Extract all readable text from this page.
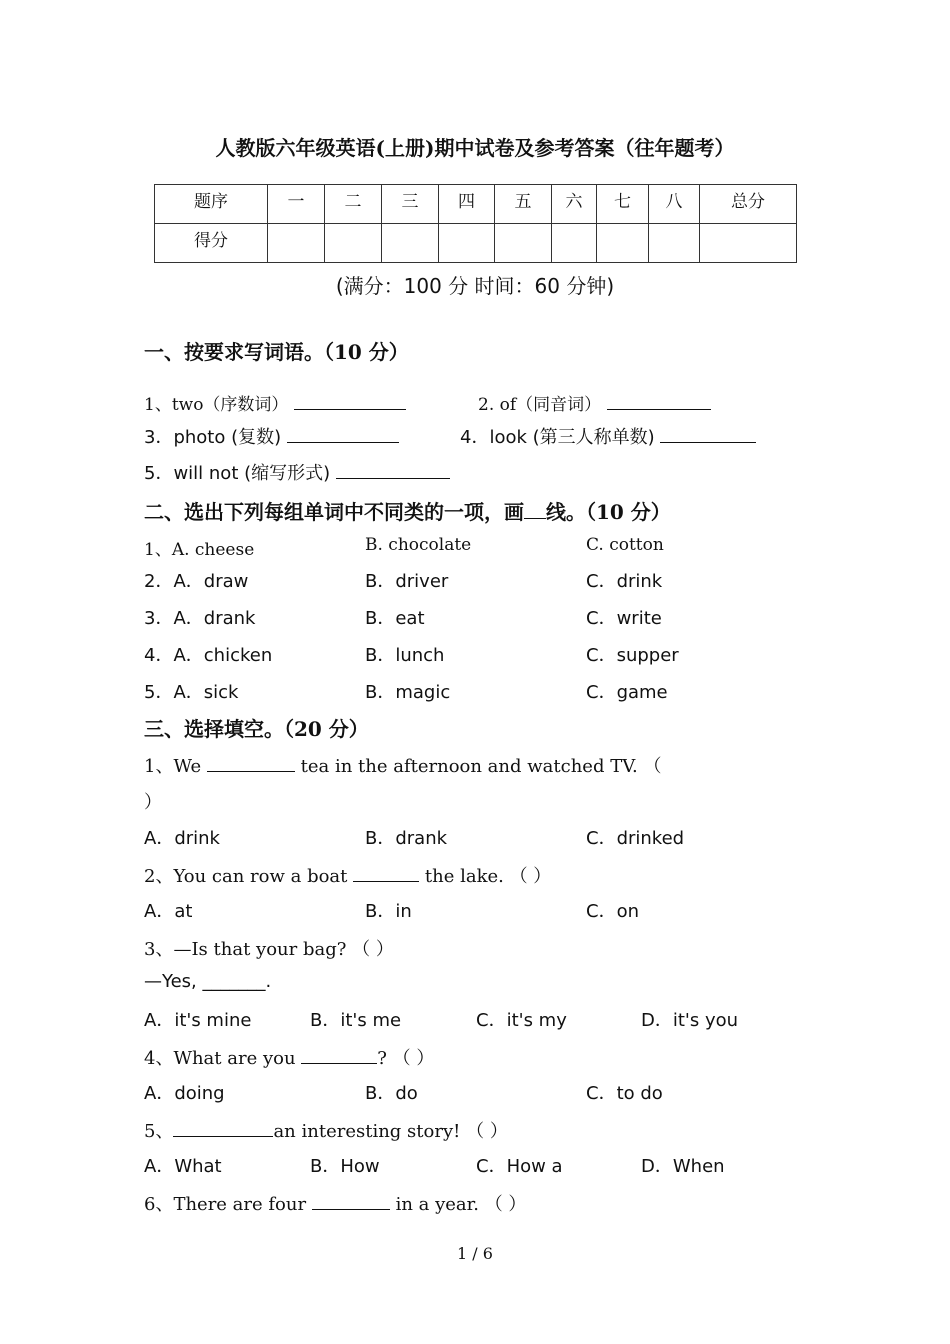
人教版六年级英语(上册)期中试卷及参考答案（往年题考）
题序	一	二	三	四	五	六	七	八	总分
得分									
(满分：100 分 时间：60 分钟)
一、按要求写词语。（10 分）
1、two（序数词）	2. of（同音词）
3．photo (复数)	4．look (第三人称单数)
5．will not (缩写形式)
二、选出下列每组单词中不同类的一项，画 线。（10 分）
1、A. cheese	B. chocolate	C. cotton
2．A．draw	B．driver	C．drink
3．A．drank	B．eat	C．write
4．A．chicken	B．lunch	C．supper
5．A．sick	B．magic	C．game
三、选择填空。（20 分）
1、We	tea in the afternoon and watched TV. （
）
A．drink	B．drank	C．drinked
2、You can row a boat	the lake. （ ）
A．at	B．in	C．on
3、—Is that your bag? （ ）
—Yes, _______.
A．it's mine	B．it's me	C．it's my	D．it's you
4、What are you	? （ ）
A．doing	B．do	C．to do
5、	an interesting story! （ ）
A．What	B．How	C．How a	D．When
6、There are four	in a year. （ ）
1 / 6
